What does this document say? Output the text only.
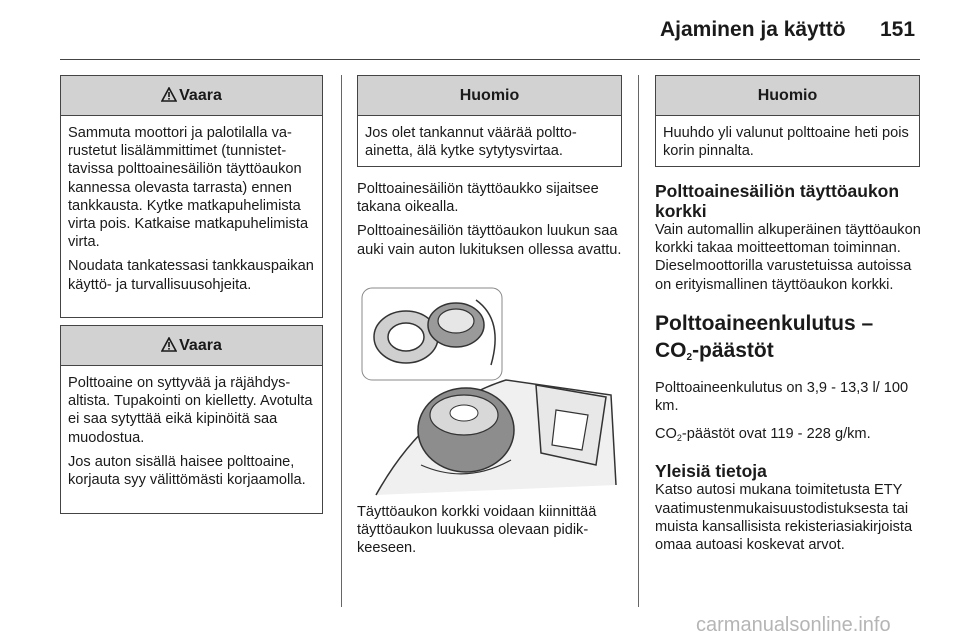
Ajaminen ja käyttö 151
Vaara

Sammuta moottori ja palotilalla varustetut lisälämmittimet (tunnistettavissa polttoainesäiliön täyttöaukon kannessa olevasta tarrasta) ennen tankkausta. Kytke matkapuhelimista virta pois. Katkaise matkapuhelimista virta.

Noudata tankatessasi tankkauspaikan käyttö- ja turvallisuusohjeita.

Vaara

Polttoaine on syttyvää ja räjähdysaltista. Tupakointi on kielletty. Avotulta ei saa sytyttää eikä kipinöitä saa muodostua.

Jos auton sisällä haisee polttoaine, korjauta syy välittömästi korjaamolla.

Huomio
Jos olet tankannut väärää polttoainetta, älä kytke sytytysvirtaa.

Polttoainesäiliön täyttöaukko sijaitsee takana oikealla.

Polttoainesäiliön täyttöaukon luukun saa auki vain auton lukituksen ollessa avattu.

Täyttöaukon korkki voidaan kiinnittää täyttöaukon luukussa olevaan pidikkeeseen.
Huomio
Huuhdo yli valunut polttoaine heti pois korin pinnalta.
Polttoainesäiliön täyttöaukon korkki

Vain automallin alkuperäinen täyttöaukon korkki takaa moitteettoman toiminnan. Dieselmoottorilla varustetuissa autoissa on erityismallinen täyttöaukon korkki.

Polttoaineenkulutus –
$CO_2$-päästöt

Polttoaineenkulutus on 3,9 - 13,3 l/ 100 km.

$CO_2$-päästöt ovat 119 - 228 g/km.

Yleisiä tietoja

Katso autosi mukana toimitetusta ETY vaatimustenmukaisuustodistuksesta tai muista kansallisista rekisteriasiakirjoista omaa autoasi koskevat arvot.

carmanualsonline.info
